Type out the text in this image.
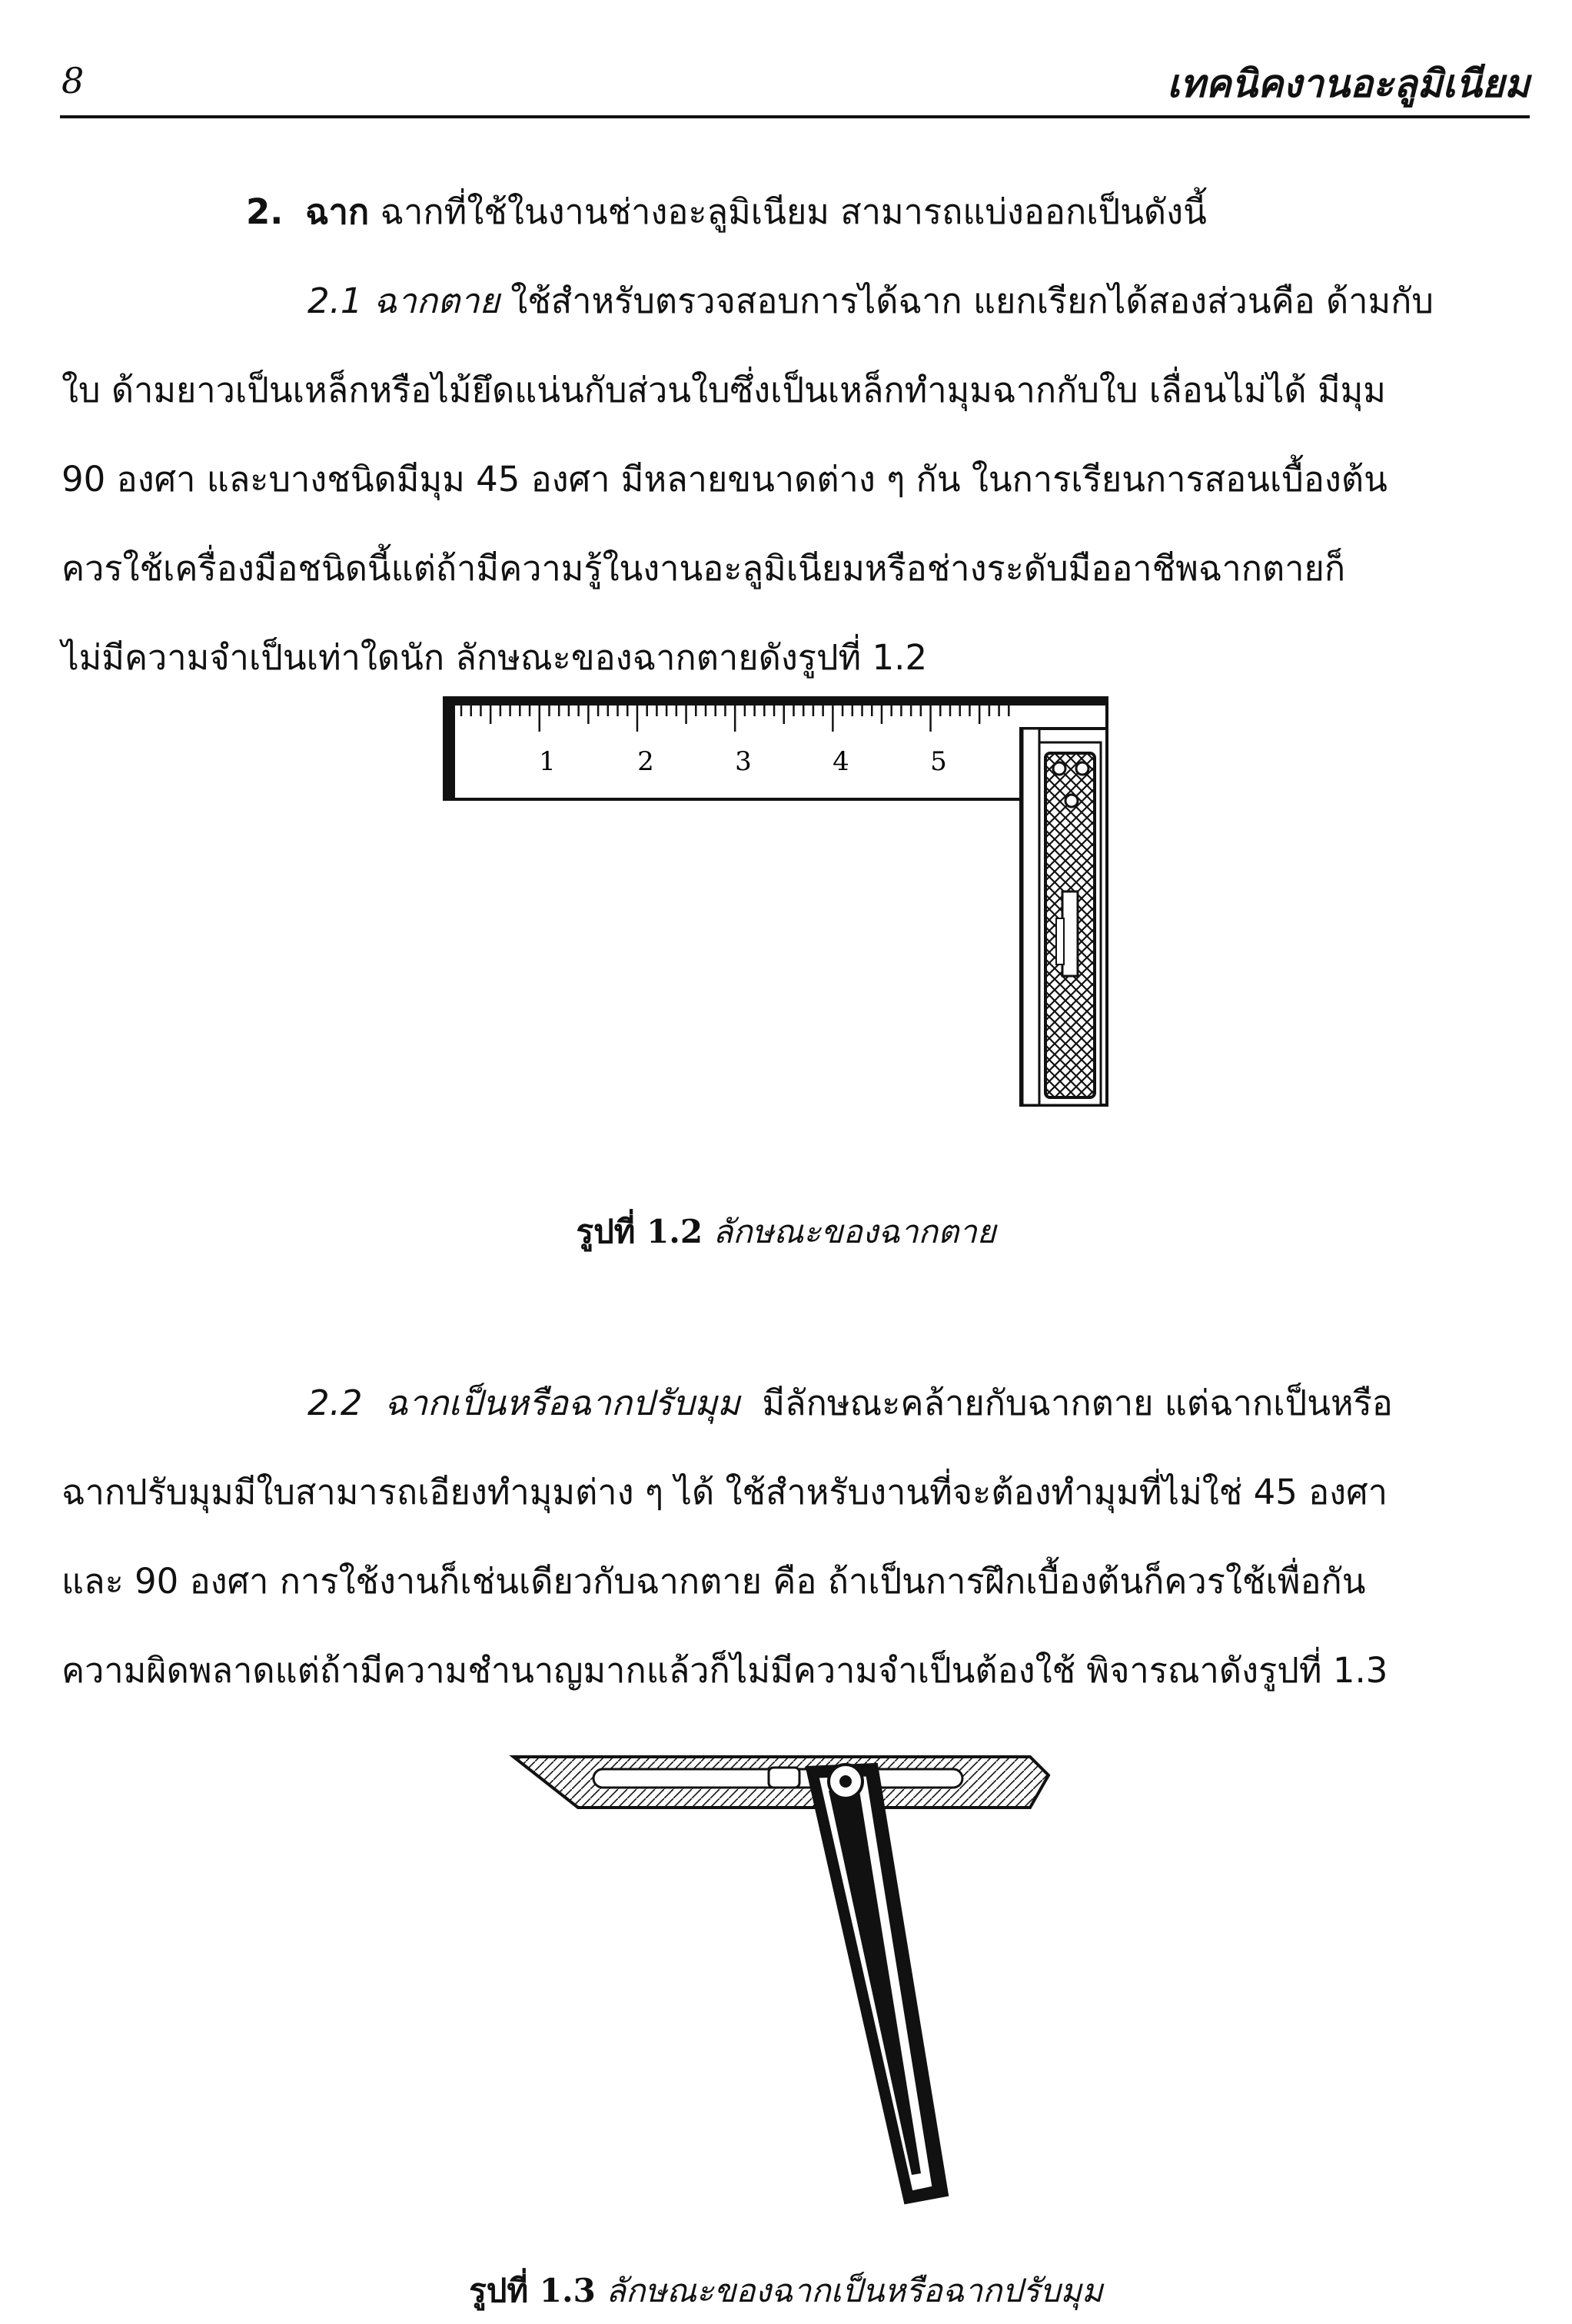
8	เทคนิคงานอะลูมิเนียม
2. ฉาก ฉากที่ใช้ในงานช่างอะลูมิเนียม สามารถแบ่งออกเป็นดังนี้
2.1 ฉากตาย ใช้สำหรับตรวจสอบการได้ฉาก แยกเรียกได้สองส่วนคือ ด้ามกับ
ใบ ด้ามยาวเป็นเหล็กหรือไม้ยึดแน่นกับส่วนใบซึ่งเป็นเหล็กทำมุมฉากกับใบ เลื่อนไม่ได้ มีมุม
90 องศา และบางชนิดมีมุม 45 องศา มีหลายขนาดต่าง ๆ กัน ในการเรียนการสอนเบื้องต้น
ควรใช้เครื่องมือชนิดนี้แต่ถ้ามีความรู้ในงานอะลูมิเนียมหรือช่างระดับมืออาชีพฉากตายก็
ไม่มีความจำเป็นเท่าใดนัก ลักษณะของฉากตายดังรูปที่ 1.2
1	2	3	4	5
รูปที่ 1.2 ลักษณะของฉากตาย
2.2 ฉากเป็นหรือฉากปรับมุม มีลักษณะคล้ายกับฉากตาย แต่ฉากเป็นหรือ
ฉากปรับมุมมีใบสามารถเอียงทำมุมต่าง ๆ ได้ ใช้สำหรับงานที่จะต้องทำมุมที่ไม่ใช่ 45 องศา
และ 90 องศา การใช้งานก็เช่นเดียวกับฉากตาย คือ ถ้าเป็นการฝึกเบื้องต้นก็ควรใช้เพื่อกัน
ความผิดพลาดแต่ถ้ามีความชำนาญมากแล้วก็ไม่มีความจำเป็นต้องใช้ พิจารณาดังรูปที่ 1.3
รูปที่ 1.3 ลักษณะของฉากเป็นหรือฉากปรับมุม
